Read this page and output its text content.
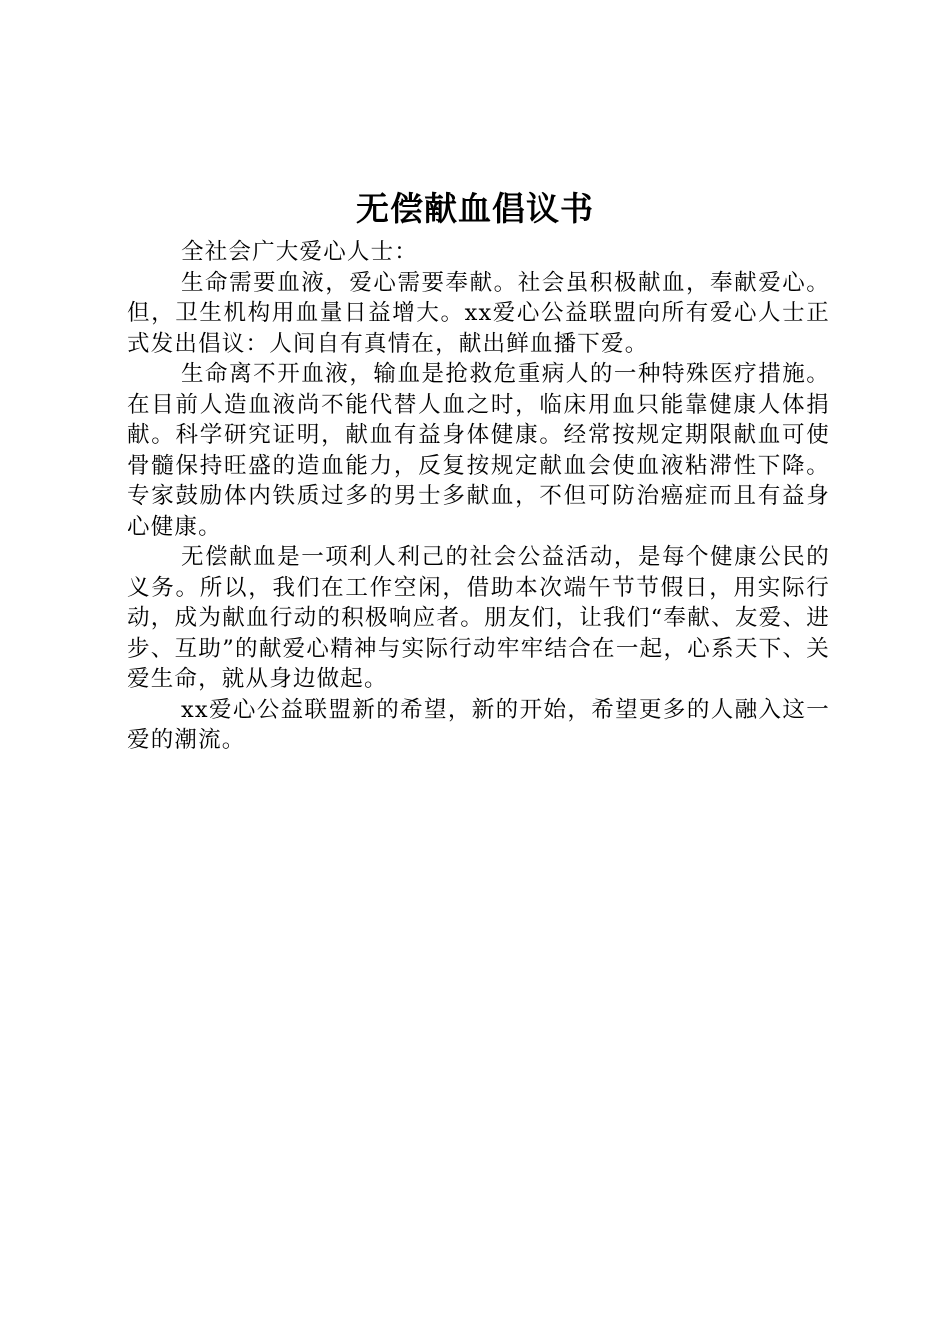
无偿献血倡议书

全社会广大爱心人士：

生命需要血液，爱心需要奉献。社会虽积极献血，奉献爱心。但，卫生机构用血量日益增大。xx爱心公益联盟向所有爱心人士正式发出倡议：人间自有真情在，献出鲜血播下爱。

生命离不开血液，输血是抢救危重病人的一种特殊医疗措施。在目前人造血液尚不能代替人血之时，临床用血只能靠健康人体捐献。科学研究证明，献血有益身体健康。经常按规定期限献血可使骨髓保持旺盛的造血能力，反复按规定献血会使血液粘滞性下降。专家鼓励体内铁质过多的男士多献血，不但可防治癌症而且有益身心健康。

无偿献血是一项利人利己的社会公益活动，是每个健康公民的义务。所以，我们在工作空闲，借助本次端午节节假日，用实际行动，成为献血行动的积极响应者。朋友们，让我们“奉献、友爱、进步、互助”的献爱心精神与实际行动牢牢结合在一起，心系天下、关爱生命，就从身边做起。

xx爱心公益联盟新的希望，新的开始，希望更多的人融入这一爱的潮流。
